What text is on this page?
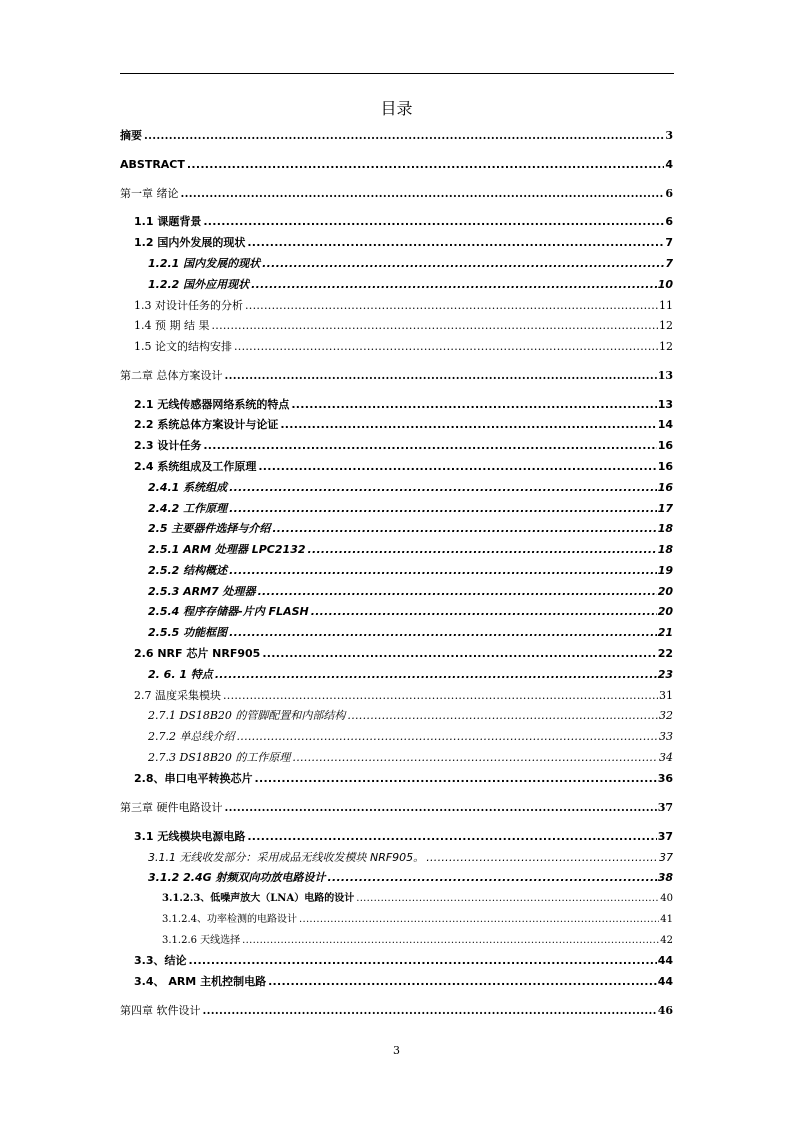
目录
摘要 .....	3
ABSTRACT .....	4
第一章 绪论 .....	6
1.1 课题背景 .....	6
1.2 国内外发展的现状 .....	7
1.2.1 国内发展的现状 .....	7
1.2.2 国外应用现状 .....	10
1.3 对设计任务的分析 .....	11
1.4 预 期 结 果 .....	12
1.5 论文的结构安排 .....	12
第二章 总体方案设计 .....	13
2.1 无线传感器网络系统的特点 .....	13
2.2 系统总体方案设计与论证 .....	14
2.3 设计任务 .....	16
2.4 系统组成及工作原理 .....	16
2.4.1 系统组成 .....	16
2.4.2 工作原理 .....	17
2.5 主要器件选择与介绍 .....	18
2.5.1 ARM 处理器 LPC2132 .....	18
2.5.2 结构概述 .....	19
2.5.3 ARM7 处理器 .....	20
2.5.4 程序存储器-片内 FLASH .....	20
2.5.5 功能框图 .....	21
2.6 NRF 芯片 NRF905 .....	22
2. 6. 1 特点 .....	23
2.7 温度采集模块 .....	31
2.7.1 DS18B20 的管脚配置和内部结构 .....	32
2.7.2 单总线介绍 .....	33
2.7.3 DS18B20 的工作原理 .....	34
2.8、串口电平转换芯片 .....	36
第三章 硬件电路设计 .....	37
3.1 无线模块电源电路 .....	37
3.1.1 无线收发部分：采用成品无线收发模块 NRF905。 .....	37
3.1.2 2.4G 射频双向功放电路设计 .....	38
3.1.2.3、低噪声放大（LNA）电路的设计 .....	40
3.1.2.4、功率检测的电路设计 .....	41
3.1.2.6 天线选择 .....	42
3.3、结论 .....	44
3.4、 ARM 主机控制电路 .....	44
第四章 软件设计 .....	46
3
